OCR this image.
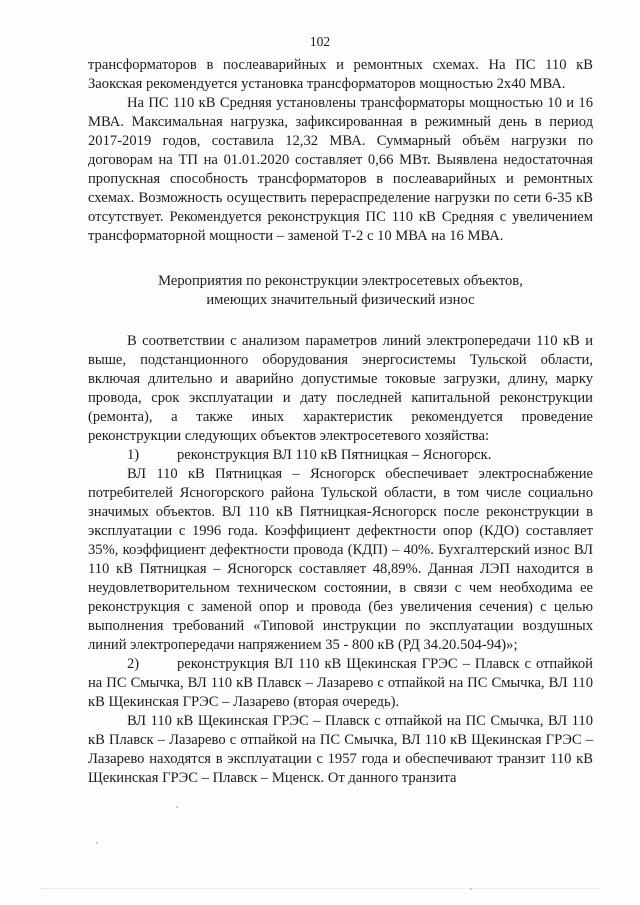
102

трансформаторов в послеаварийных и ремонтных схемах. На ПС 110 кВ Заокская рекомендуется установка трансформаторов мощностью 2х40 МВА.

На ПС 110 кВ Средняя установлены трансформаторы мощностью 10 и 16 МВА. Максимальная нагрузка, зафиксированная в режимный день в период 2017-2019 годов, составила 12,32 МВА. Суммарный объём нагрузки по договорам на ТП на 01.01.2020 составляет 0,66 МВт. Выявлена недостаточная пропускная способность трансформаторов в послеаварийных и ремонтных схемах. Возможность осуществить перераспределение нагрузки по сети 6-35 кВ отсутствует. Рекомендуется реконструкция ПС 110 кВ Средняя с увеличением трансформаторной мощности – заменой Т-2 с 10 МВА на 16 МВА.

Мероприятия по реконструкции электросетевых объектов,
имеющих значительный физический износ

В соответствии с анализом параметров линий электропередачи 110 кВ и выше, подстанционного оборудования энергосистемы Тульской области, включая длительно и аварийно допустимые токовые загрузки, длину, марку провода, срок эксплуатации и дату последней капитальной реконструкции (ремонта), а также иных характеристик рекомендуется проведение реконструкции следующих объектов электросетевого хозяйства:

1)	реконструкция ВЛ 110 кВ Пятницкая – Ясногорск.

ВЛ 110 кВ Пятницкая – Ясногорск обеспечивает электроснабжение потребителей Ясногорского района Тульской области, в том числе социально значимых объектов. ВЛ 110 кВ Пятницкая-Ясногорск после реконструкции в эксплуатации с 1996 года. Коэффициент дефектности опор (КДО) составляет 35%, коэффициент дефектности провода (КДП) – 40%. Бухгалтерский износ ВЛ 110 кВ Пятницкая – Ясногорск составляет 48,89%. Данная ЛЭП находится в неудовлетворительном техническом состоянии, в связи с чем необходима ее реконструкция с заменой опор и провода (без увеличения сечения) с целью выполнения требований «Типовой инструкции по эксплуатации воздушных линий электропередачи напряжением 35 - 800 кВ (РД 34.20.504-94)»;

2)	реконструкция ВЛ 110 кВ Щекинская ГРЭС – Плавск с отпайкой на ПС Смычка, ВЛ 110 кВ Плавск – Лазарево с отпайкой на ПС Смычка, ВЛ 110 кВ Щекинская ГРЭС – Лазарево (вторая очередь).

ВЛ 110 кВ Щекинская ГРЭС – Плавск с отпайкой на ПС Смычка, ВЛ 110 кВ Плавск – Лазарево с отпайкой на ПС Смычка, ВЛ 110 кВ Щекинская ГРЭС – Лазарево находятся в эксплуатации с 1957 года и обеспечивают транзит 110 кВ Щекинская ГРЭС – Плавск – Мценск. От данного транзита
